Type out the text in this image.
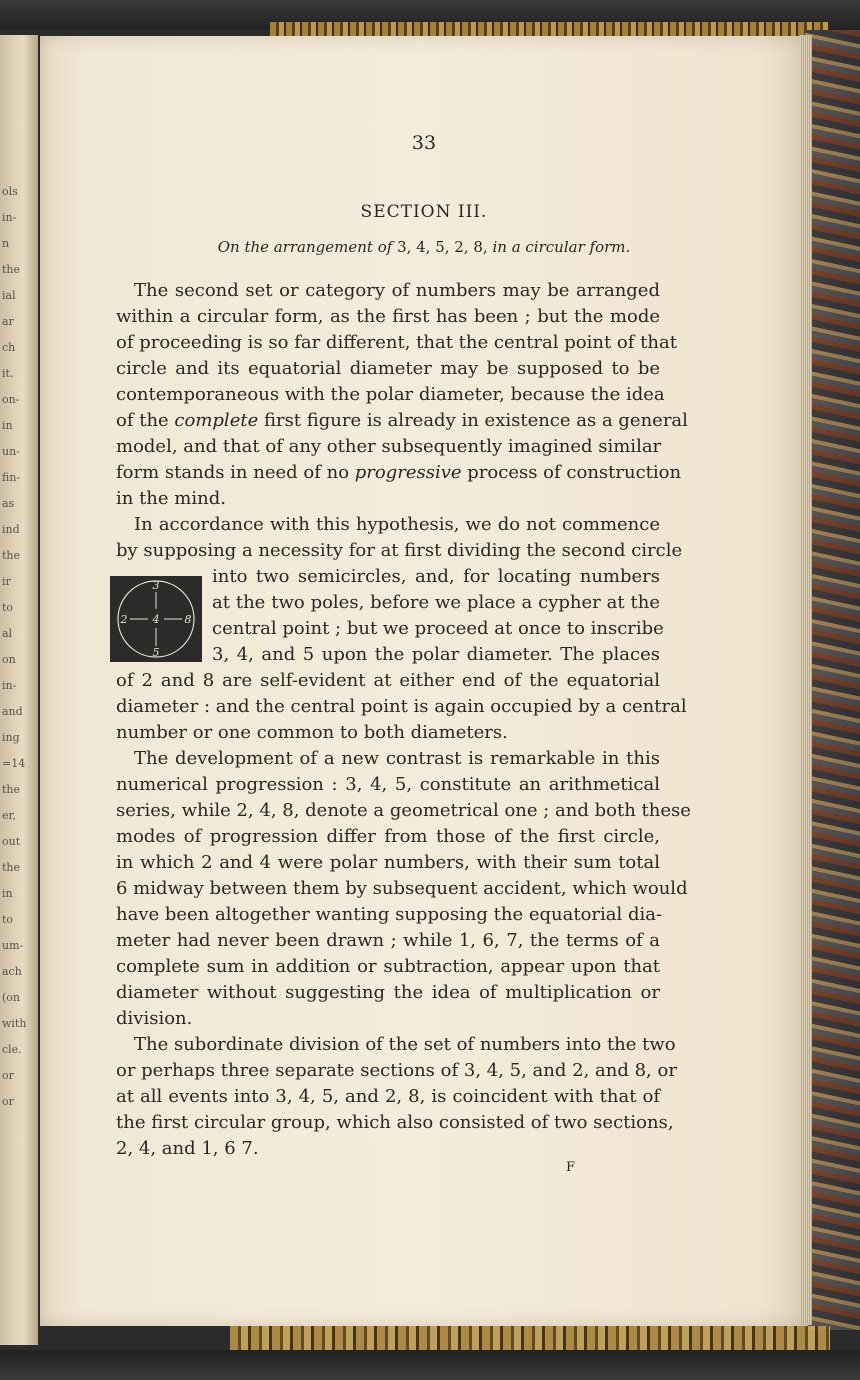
ols
in-
n
the
ial
ar
ch
it.
on-
in
un-
fin-
as
ind
the
ir
to
al
on
in-
and
ing
=14
the
er,
out
the
in
to
um-
ach
(on
with
cle.
or
or
33
SECTION III.
On the arrangement of 3, 4, 5, 2, 8, in a circular form.
The second set or category of numbers may be arranged
within a circular form, as the first has been ; but the mode
of proceeding is so far different, that the central point of that
circle and its equatorial diameter may be supposed to be
contemporaneous with the polar diameter, because the idea
of the complete first figure is already in existence as a general
model, and that of any other subsequently imagined similar
form stands in need of no progressive process of construction
in the mind.
In accordance with this hypothesis, we do not commence
by supposing a necessity for at first dividing the second circle
into two semicircles, and, for locating numbers
at the two poles, before we place a cypher at the
central point ; but we proceed at once to inscribe
3, 4, and 5 upon the polar diameter. The places
of 2 and 8 are self-evident at either end of the equatorial
diameter : and the central point is again occupied by a central
number or one common to both diameters.
The development of a new contrast is remarkable in this
numerical progression : 3, 4, 5, constitute an arithmetical
series, while 2, 4, 8, denote a geometrical one ; and both these
modes of progression differ from those of the first circle,
in which 2 and 4 were polar numbers, with their sum total
6 midway between them by subsequent accident, which would
have been altogether wanting supposing the equatorial dia-
meter had never been drawn ; while 1, 6, 7, the terms of a
complete sum in addition or subtraction, appear upon that
diameter without suggesting the idea of multiplication or
division.
The subordinate division of the set of numbers into the two
or perhaps three separate sections of 3, 4, 5, and 2, and 8, or
at all events into 3, 4, 5, and 2, 8, is coincident with that of
the first circular group, which also consisted of two sections,
2, 4, and 1, 6 7.
3
5
2 4 8
F
